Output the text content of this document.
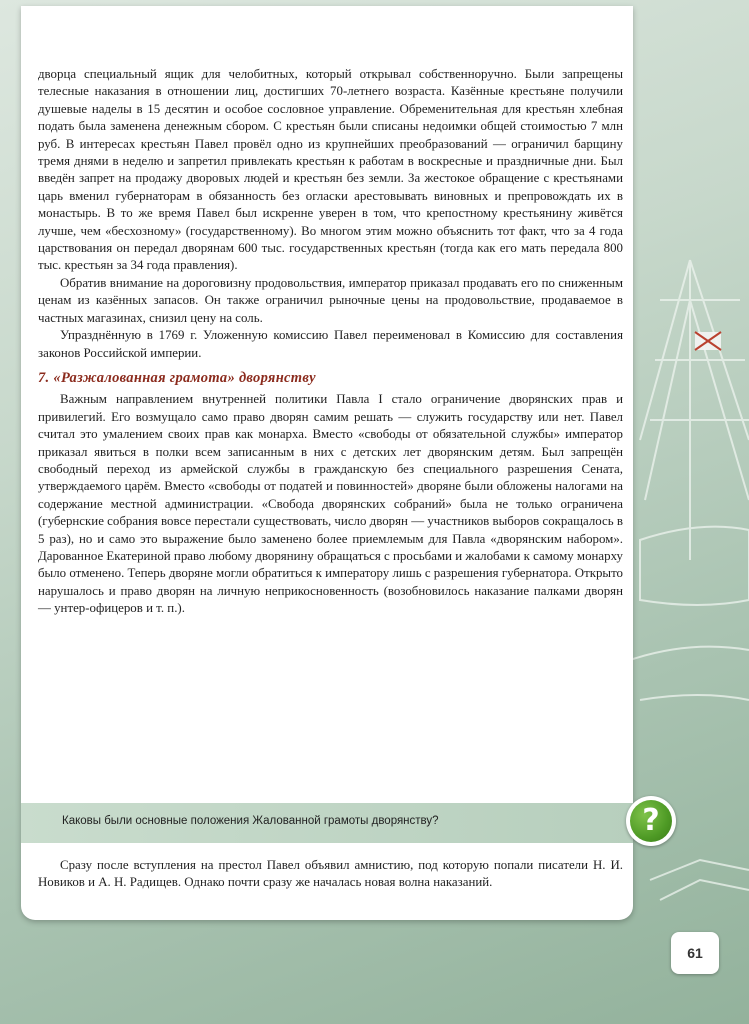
дворца специальный ящик для челобитных, который открывал собственноручно. Были запрещены телесные наказания в отношении лиц, достигших 70-летнего возраста. Казённые крестьяне получили душевые наделы в 15 десятин и особое сословное управление. Обременительная для крестьян хлебная подать была заменена денежным сбором. С крестьян были списаны недоимки общей стоимостью 7 млн руб. В интересах крестьян Павел провёл одно из крупнейших преобразований — ограничил барщину тремя днями в неделю и запретил привлекать крестьян к работам в воскресные и праздничные дни. Был введён запрет на продажу дворовых людей и крестьян без земли. За жестокое обращение с крестьянами царь вменил губернаторам в обязанность без огласки арестовывать виновных и препровождать их в монастырь. В то же время Павел был искренне уверен в том, что крепостному крестьянину живётся лучше, чем «бесхозному» (государственному). Во многом этим можно объяснить тот факт, что за 4 года царствования он передал дворянам 600 тыс. государственных крестьян (тогда как его мать передала 800 тыс. крестьян за 34 года правления).

Обратив внимание на дороговизну продовольствия, император приказал продавать его по сниженным ценам из казённых запасов. Он также ограничил рыночные цены на продовольствие, продаваемое в частных магазинах, снизил цену на соль.

Упразднённую в 1769 г. Уложенную комиссию Павел переименовал в Комиссию для составления законов Российской империи.

7. «Разжалованная грамота» дворянству

Важным направлением внутренней политики Павла I стало ограничение дворянских прав и привилегий. Его возмущало само право дворян самим решать — служить государству или нет. Павел считал это умалением своих прав как монарха. Вместо «свободы от обязательной службы» император приказал явиться в полки всем записанным в них с детских лет дворянским детям. Был запрещён свободный переход из армейской службы в гражданскую без специального разрешения Сената, утверждаемого царём. Вместо «свободы от податей и повинностей» дворяне были обложены налогами на содержание местной администрации. «Свобода дворянских собраний» была не только ограничена (губернские собрания вовсе перестали существовать, число дворян — участников выборов сокращалось в 5 раз), но и само это выражение было заменено более приемлемым для Павла «дворянским набором». Дарованное Екатериной право любому дворянину обращаться с просьбами и жалобами к самому монарху было отменено. Теперь дворяне могли обратиться к императору лишь с разрешения губернатора. Открыто нарушалось и право дворян на личную неприкосновенность (возобновилось наказание палками дворян — унтер-офицеров и т. п.).

Каковы были основные положения Жалованной грамоты дворянству?	?

Сразу после вступления на престол Павел объявил амнистию, под которую попали писатели Н. И. Новиков и А. Н. Радищев. Однако почти сразу же началась новая волна наказаний.

61
